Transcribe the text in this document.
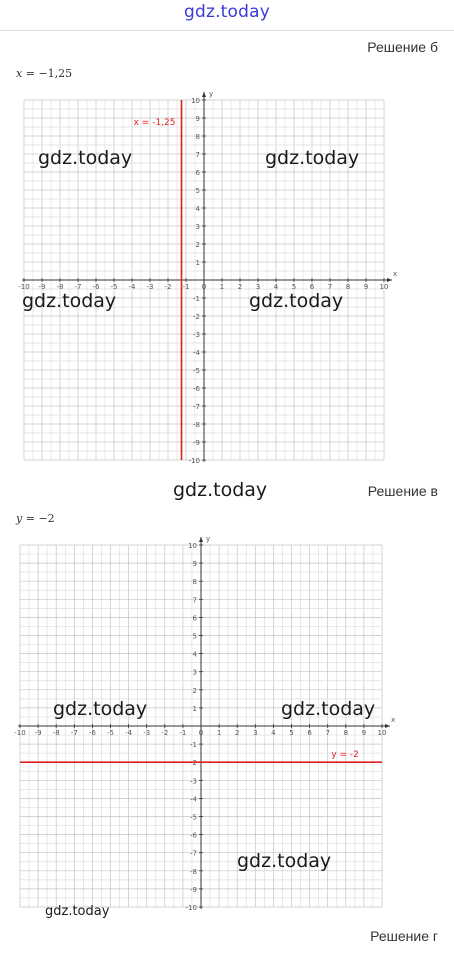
gdz.today
Решение б
x = −1,25
x
y
-10 -9 -8 -7 -6 -5 -4 -3 -2 -1 0 1 2 3 4 5 6 7 8 9 10
-10
-9
-8
-7
-6
-5
-4
-3
-2
-1
1
2
3
4
5
6
7
8
9
10
x = -1,25
gdz.today	gdz.today
gdz.today	gdz.today
gdz.today	Решение в
y = −2
x
y
-10 -9 -8 -7 -6 -5 -4 -3 -2 -1 0 1 2 3 4 5 6 7 8 9 10
-10
-9
-8
-7
-6
-5
-4
-3
-2
-1
1
2
3
4
5
6
7
8
9
10
y = -2
gdz.today	gdz.today
gdz.today
gdz.today
Решение г
